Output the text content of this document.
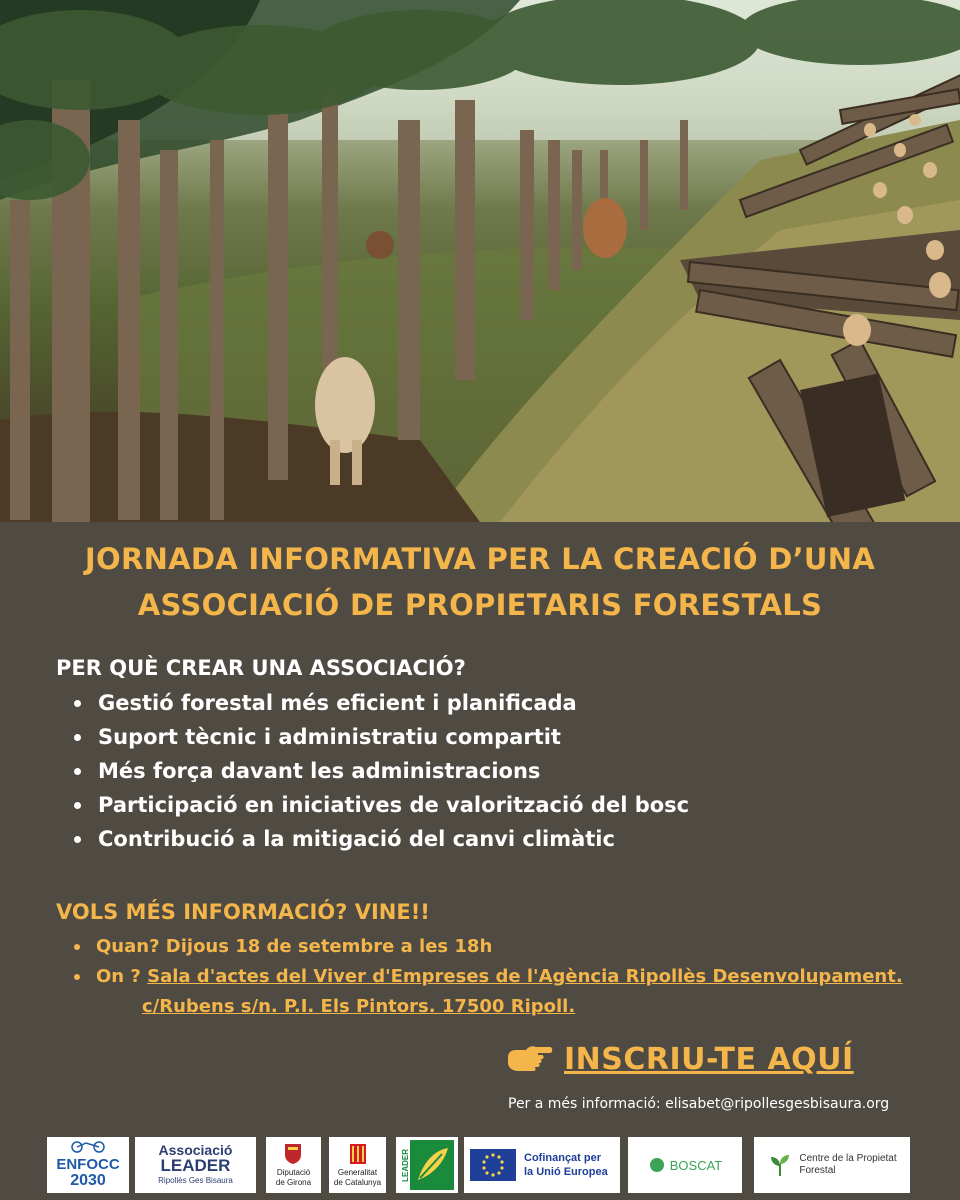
JORNADA INFORMATIVA PER LA CREACIÓ D’UNA
ASSOCIACIÓ DE PROPIETARIS FORESTALS
PER QUÈ CREAR UNA ASSOCIACIÓ?
Gestió forestal més eficient i planificada
Suport tècnic i administratiu compartit
Més força davant les administracions
Participació en iniciatives de valorització del bosc
Contribució a la mitigació del canvi climàtic
VOLS MÉS INFORMACIÓ? VINE!!
Quan? Dijous 18 de setembre a les 18h
On ? Sala d'actes del Viver d'Empreses de l'Agència Ripollès Desenvolupament.
c/Rubens s/n. P.I. Els Pintors. 17500 Ripoll.
INSCRIU-TE AQUÍ
Per a més informació: elisabet@ripollesgesbisaura.org
ENFOCC
2030
Associació
LEADER
Ripollès Ges Bisaura
Diputació
de Girona
Generalitat
de Catalunya
LEADER	Cofinançat per
la Unió Europea	BOSCAT	Centre de la Propietat
Forestal
